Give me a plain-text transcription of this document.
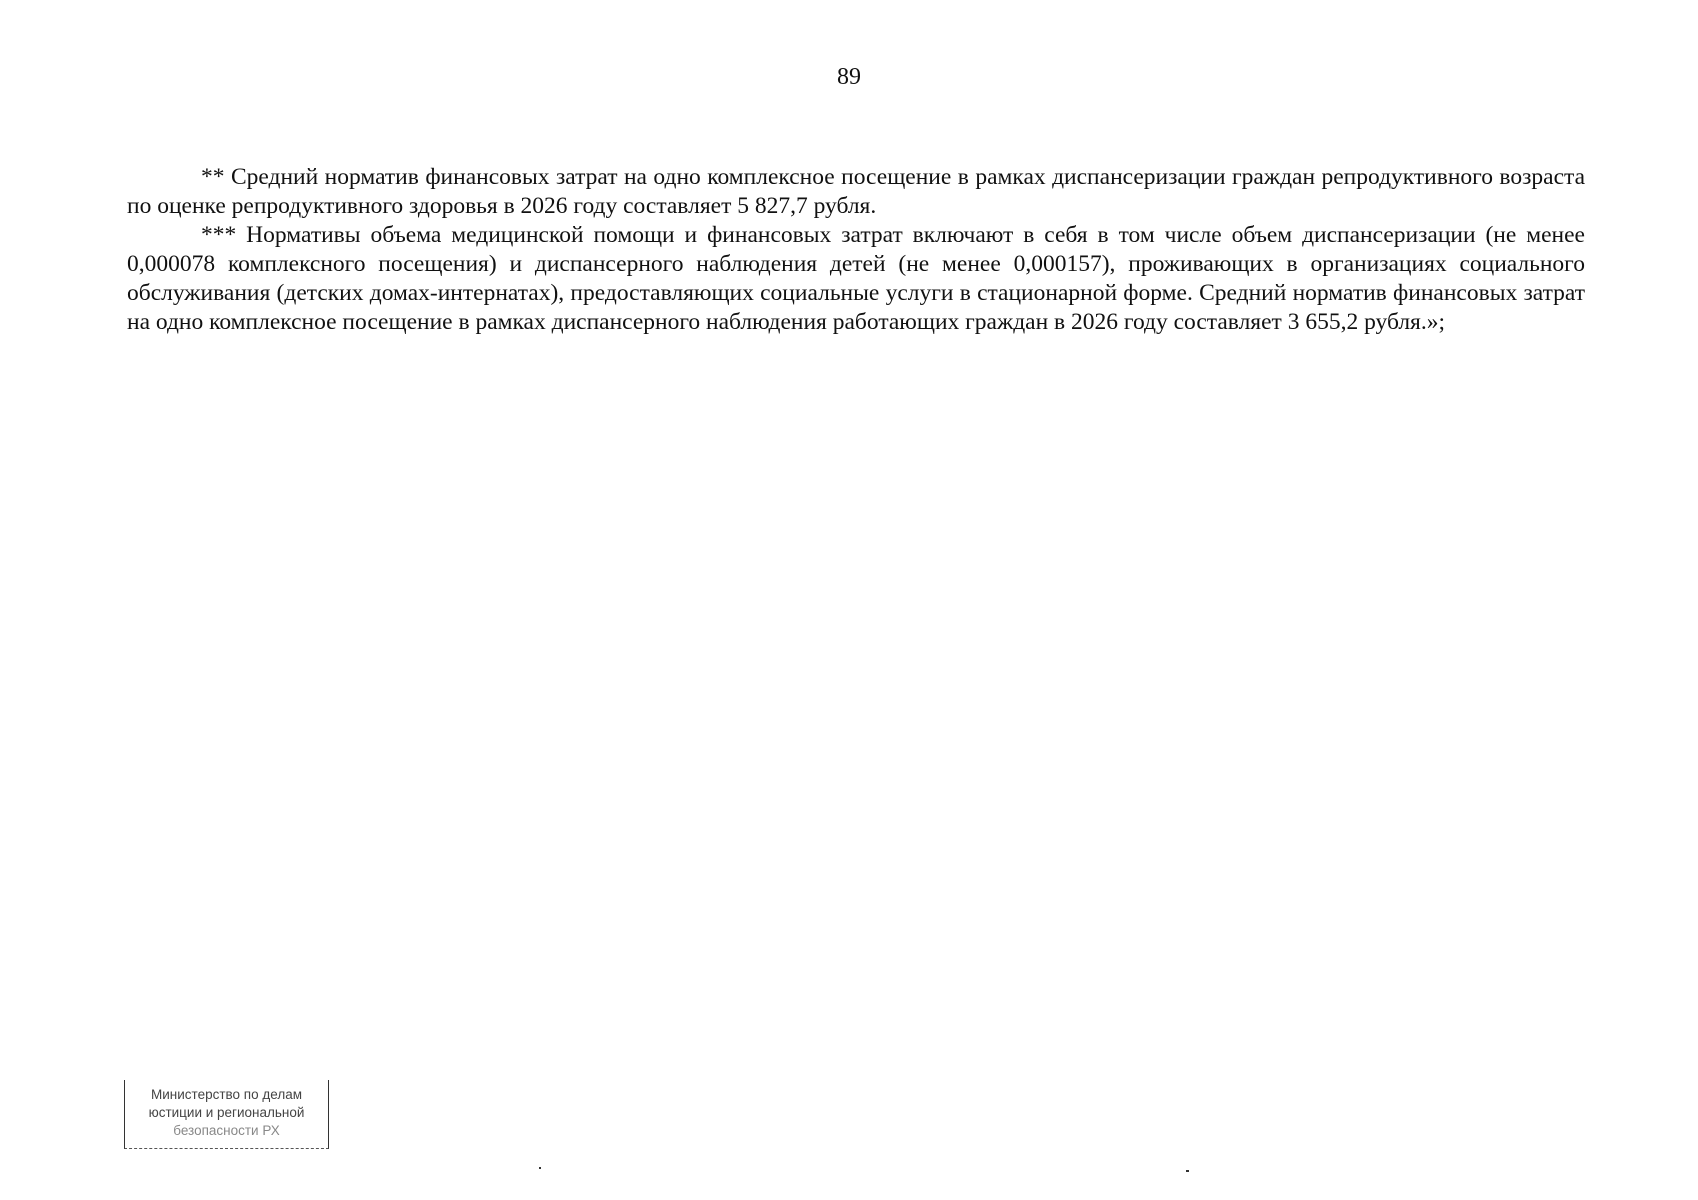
89

** Средний норматив финансовых затрат на одно комплексное посещение в рамках диспансеризации граждан репродуктивного возраста по оценке репродуктивного здоровья в 2026 году составляет 5 827,7 рубля.

*** Нормативы объема медицинской помощи и финансовых затрат включают в себя в том числе объем диспансеризации (не менее 0,000078 комплексного посещения) и диспансерного наблюдения детей (не менее 0,000157), проживающих в организациях социального обслуживания (детских домах-интернатах), предоставляющих социальные услуги в стационарной форме. Средний норматив финансовых затрат на одно комплексное посещение в рамках диспансерного наблюдения работающих граждан в 2026 году составляет 3 655,2 рубля.»;

Министерство по делам
юстиции и региональной
безопасности РХ
